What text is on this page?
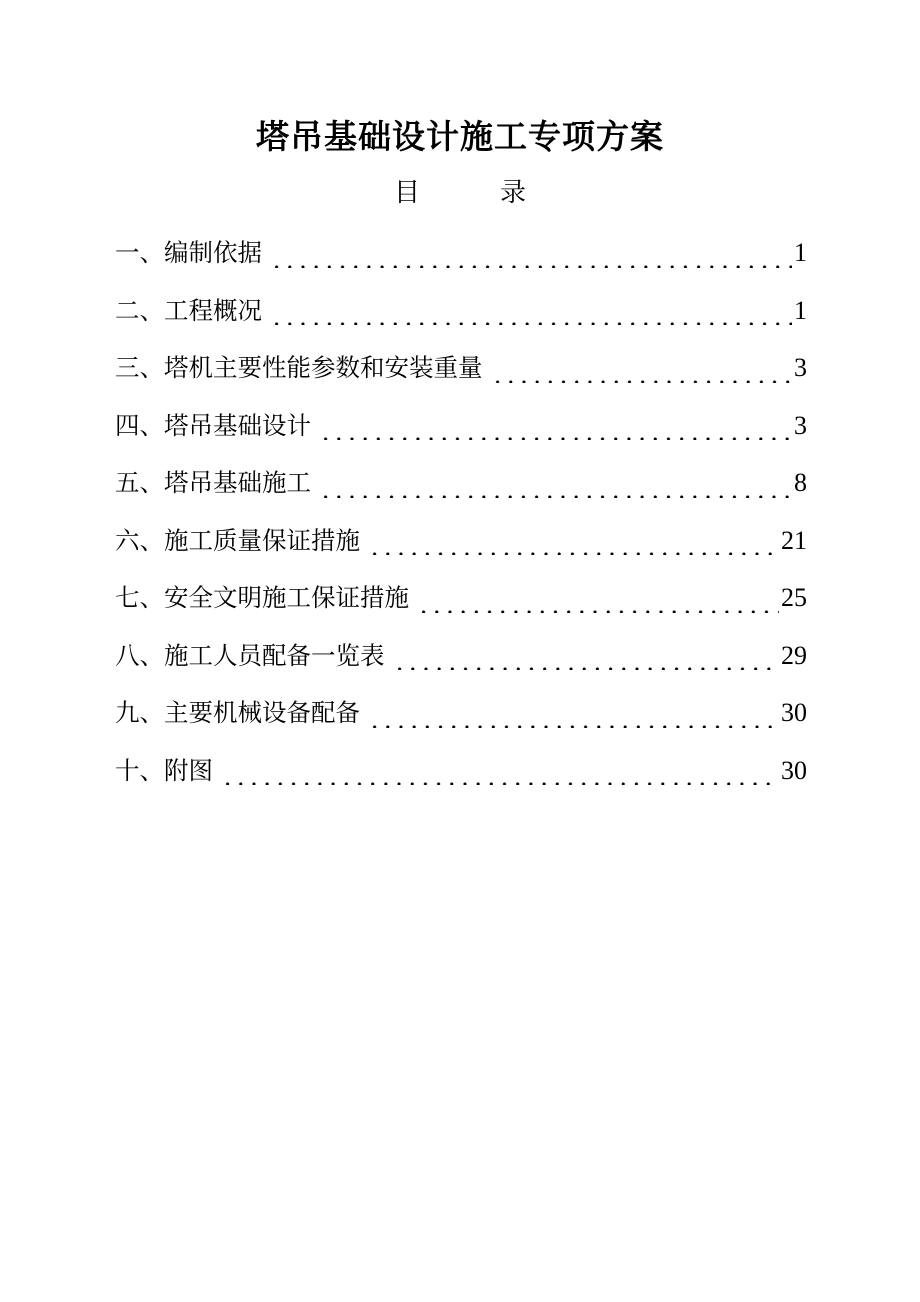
塔吊基础设计施工专项方案
目	录
一、编制依据	1
二、工程概况	1
三、塔机主要性能参数和安装重量	3
四、塔吊基础设计	3
五、塔吊基础施工	8
六、施工质量保证措施	21
七、安全文明施工保证措施	25
八、施工人员配备一览表	29
九、主要机械设备配备	30
十、附图	30
